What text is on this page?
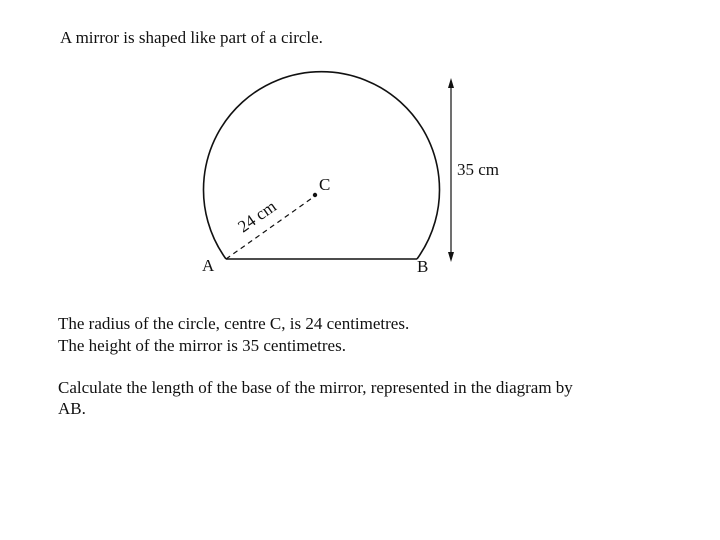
A mirror is shaped like part of a circle.
A	B
C
35 cm
24 cm
The radius of the circle, centre C, is 24 centimetres.
The height of the mirror is 35 centimetres.
Calculate the length of the base of the mirror, represented in the diagram by
AB.
